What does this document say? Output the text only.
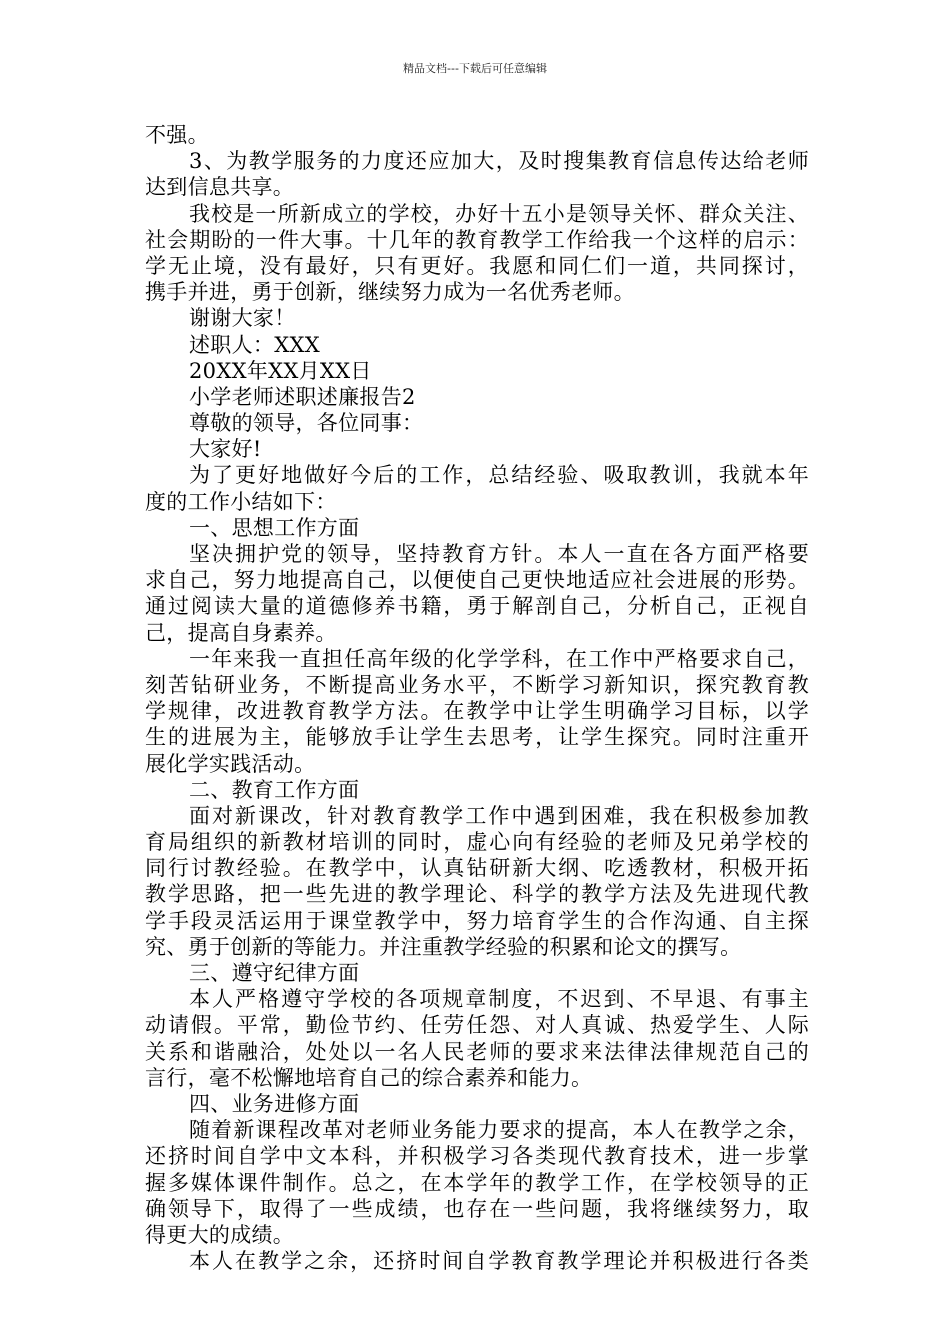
精品文档---下载后可任意编辑
不强。
3、为教学服务的力度还应加大，及时搜集教育信息传达给老师
达到信息共享。
我校是一所新成立的学校，办好十五小是领导关怀、群众关注、
社会期盼的一件大事。十几年的教育教学工作给我一个这样的启示：
学无止境，没有最好，只有更好。我愿和同仁们一道，共同探讨，
携手并进，勇于创新，继续努力成为一名优秀老师。
谢谢大家！
述职人：XXX
20XX年XX月XX日
小学老师述职述廉报告2
尊敬的领导，各位同事：
大家好!
为了更好地做好今后的工作，总结经验、吸取教训，我就本年
度的工作小结如下：
一、思想工作方面
坚决拥护党的领导，坚持教育方针。本人一直在各方面严格要
求自己，努力地提高自己，以便使自己更快地适应社会进展的形势。
通过阅读大量的道德修养书籍，勇于解剖自己，分析自己，正视自
己，提高自身素养。
一年来我一直担任高年级的化学学科，在工作中严格要求自己，
刻苦钻研业务，不断提高业务水平，不断学习新知识，探究教育教
学规律，改进教育教学方法。在教学中让学生明确学习目标，以学
生的进展为主，能够放手让学生去思考，让学生探究。同时注重开
展化学实践活动。
二、教育工作方面
面对新课改，针对教育教学工作中遇到困难，我在积极参加教
育局组织的新教材培训的同时，虚心向有经验的老师及兄弟学校的
同行讨教经验。在教学中，认真钻研新大纲、吃透教材，积极开拓
教学思路，把一些先进的教学理论、科学的教学方法及先进现代教
学手段灵活运用于课堂教学中，努力培育学生的合作沟通、自主探
究、勇于创新的等能力。并注重教学经验的积累和论文的撰写。
三、遵守纪律方面
本人严格遵守学校的各项规章制度，不迟到、不早退、有事主
动请假。平常，勤俭节约、任劳任怨、对人真诚、热爱学生、人际
关系和谐融洽，处处以一名人民老师的要求来法律法律规范自己的
言行，毫不松懈地培育自己的综合素养和能力。
四、业务进修方面
随着新课程改革对老师业务能力要求的提高，本人在教学之余，
还挤时间自学中文本科，并积极学习各类现代教育技术，进一步掌
握多媒体课件制作。总之，在本学年的教学工作，在学校领导的正
确领导下，取得了一些成绩，也存在一些问题，我将继续努力，取
得更大的成绩。
本人在教学之余，还挤时间自学教育教学理论并积极进行各类
